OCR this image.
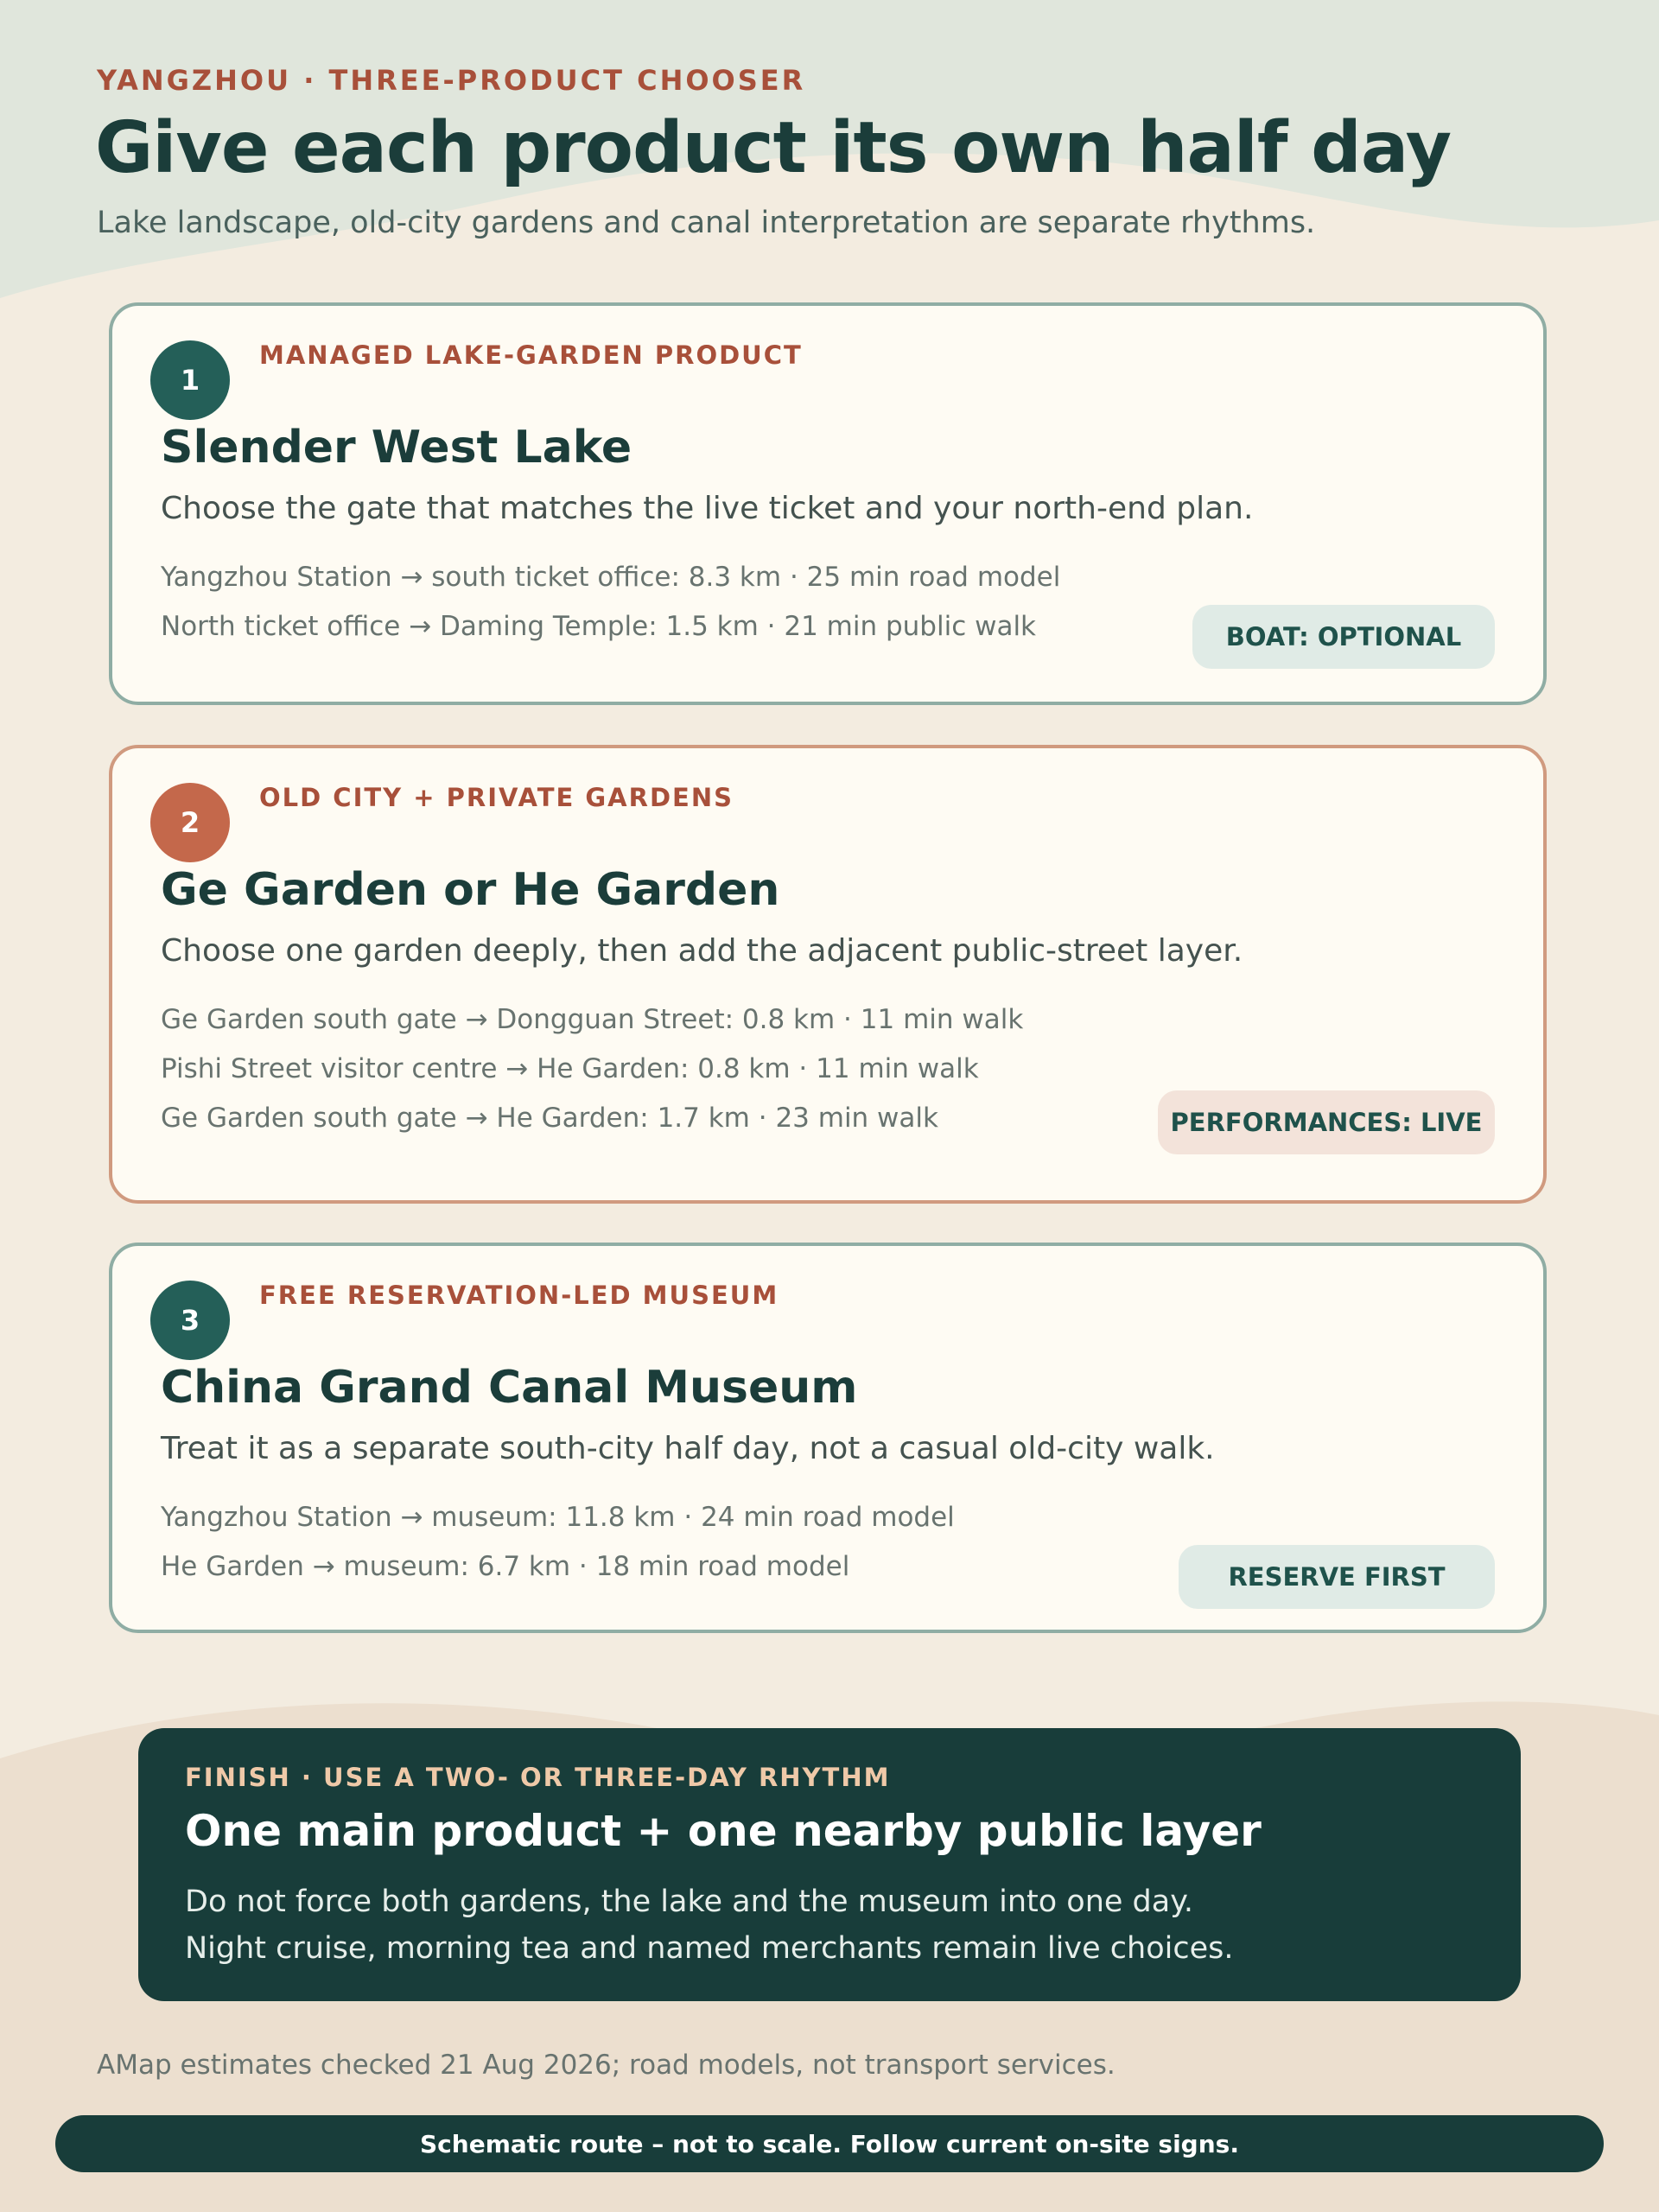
YANGZHOU · THREE-PRODUCT CHOOSER
Give each product its own half day
Lake landscape, old-city gardens and canal interpretation are separate rhythms.
1
MANAGED LAKE-GARDEN PRODUCT
Slender West Lake
Choose the gate that matches the live ticket and your north-end plan.
Yangzhou Station → south ticket office: 8.3 km · 25 min road model
North ticket office → Daming Temple: 1.5 km · 21 min public walk	BOAT: OPTIONAL
2
OLD CITY + PRIVATE GARDENS
Ge Garden or He Garden
Choose one garden deeply, then add the adjacent public-street layer.
Ge Garden south gate → Dongguan Street: 0.8 km · 11 min walk
Pishi Street visitor centre → He Garden: 0.8 km · 11 min walk
Ge Garden south gate → He Garden: 1.7 km · 23 min walk	PERFORMANCES: LIVE
3
FREE RESERVATION-LED MUSEUM
China Grand Canal Museum
Treat it as a separate south-city half day, not a casual old-city walk.
Yangzhou Station → museum: 11.8 km · 24 min road model
He Garden → museum: 6.7 km · 18 min road model	RESERVE FIRST
FINISH · USE A TWO- OR THREE-DAY RHYTHM
One main product + one nearby public layer
Do not force both gardens, the lake and the museum into one day.
Night cruise, morning tea and named merchants remain live choices.
AMap estimates checked 21 Aug 2026; road models, not transport services.
Schematic route – not to scale. Follow current on-site signs.
